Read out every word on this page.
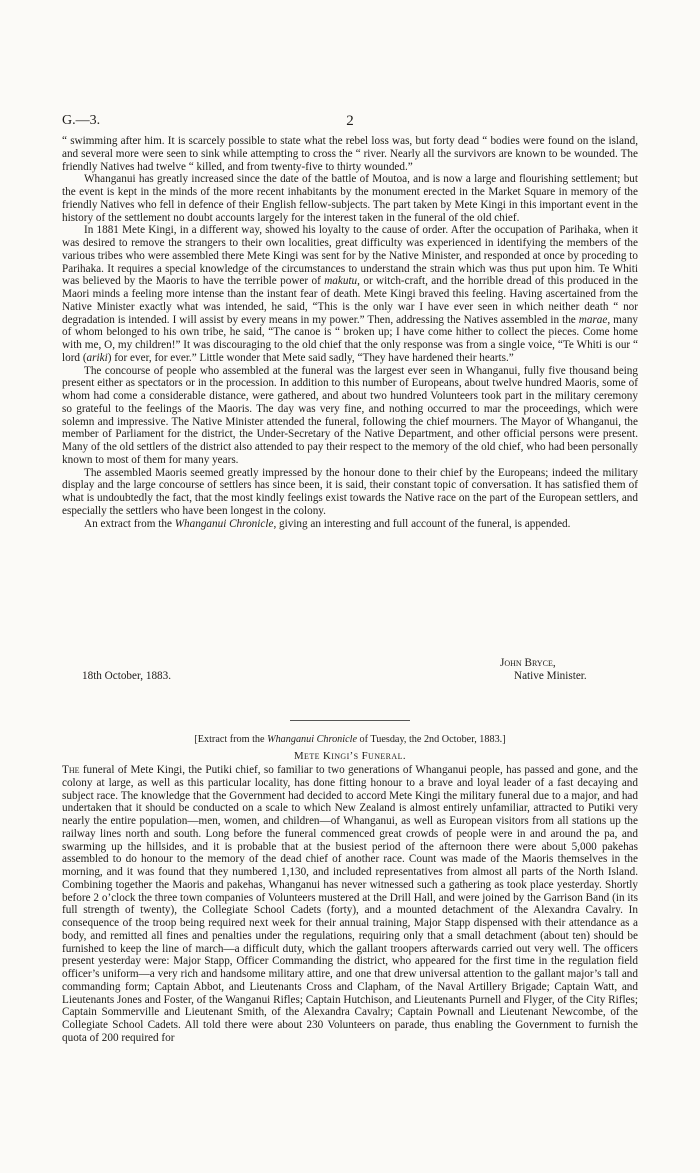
G.—3.	2

“ swimming after him. It is scarcely possible to state what the rebel loss was, but forty dead “ bodies were found on the island, and several more were seen to sink while attempting to cross the “ river. Nearly all the survivors are known to be wounded. The friendly Natives had twelve “ killed, and from twenty-five to thirty wounded.”

Whanganui has greatly increased since the date of the battle of Moutoa, and is now a large and flourishing settlement; but the event is kept in the minds of the more recent inhabitants by the monument erected in the Market Square in memory of the friendly Natives who fell in defence of their English fellow-subjects. The part taken by Mete Kingi in this important event in the history of the settlement no doubt accounts largely for the interest taken in the funeral of the old chief.

In 1881 Mete Kingi, in a different way, showed his loyalty to the cause of order. After the occupation of Parihaka, when it was desired to remove the strangers to their own localities, great difficulty was experienced in identifying the members of the various tribes who were assembled there Mete Kingi was sent for by the Native Minister, and responded at once by proceding to Parihaka. It requires a special knowledge of the circumstances to understand the strain which was thus put upon him. Te Whiti was believed by the Maoris to have the terrible power of makutu, or witch-craft, and the horrible dread of this produced in the Maori minds a feeling more intense than the instant fear of death. Mete Kingi braved this feeling. Having ascertained from the Native Minister exactly what was intended, he said, “This is the only war I have ever seen in which neither death “ nor degradation is intended. I will assist by every means in my power.” Then, addressing the Natives assembled in the marae, many of whom belonged to his own tribe, he said, “The canoe is “ broken up; I have come hither to collect the pieces. Come home with me, O, my children!” It was discouraging to the old chief that the only response was from a single voice, “Te Whiti is our “ lord (ariki) for ever, for ever.” Little wonder that Mete said sadly, “They have hardened their hearts.”

The concourse of people who assembled at the funeral was the largest ever seen in Whanganui, fully five thousand being present either as spectators or in the procession. In addition to this number of Europeans, about twelve hundred Maoris, some of whom had come a considerable distance, were gathered, and about two hundred Volunteers took part in the military ceremony so grateful to the feelings of the Maoris. The day was very fine, and nothing occurred to mar the proceedings, which were solemn and impressive. The Native Minister attended the funeral, following the chief mourners. The Mayor of Whanganui, the member of Parliament for the district, the Under-Secretary of the Native Department, and other official persons were present. Many of the old settlers of the district also attended to pay their respect to the memory of the old chief, who had been personally known to most of them for many years.

The assembled Maoris seemed greatly impressed by the honour done to their chief by the Europeans; indeed the military display and the large concourse of settlers has since been, it is said, their constant topic of conversation. It has satisfied them of what is undoubtedly the fact, that the most kindly feelings exist towards the Native race on the part of the European settlers, and especially the settlers who have been longest in the colony.

An extract from the Whanganui Chronicle, giving an interesting and full account of the funeral, is appended.

18th October, 1883.
John Bryce,
Native Minister.
[Extract from the Whanganui Chronicle of Tuesday, the 2nd October, 1883.]
Mete Kingi’s Funeral.

The funeral of Mete Kingi, the Putiki chief, so familiar to two generations of Whanganui people, has passed and gone, and the colony at large, as well as this particular locality, has done fitting honour to a brave and loyal leader of a fast decaying and subject race. The knowledge that the Government had decided to accord Mete Kingi the military funeral due to a major, and had undertaken that it should be conducted on a scale to which New Zealand is almost entirely unfamiliar, attracted to Putiki very nearly the entire population—men, women, and children—of Whanganui, as well as European visitors from all stations up the railway lines north and south. Long before the funeral commenced great crowds of people were in and around the pa, and swarming up the hillsides, and it is probable that at the busiest period of the afternoon there were about 5,000 pakehas assembled to do honour to the memory of the dead chief of another race. Count was made of the Maoris themselves in the morning, and it was found that they numbered 1,130, and included representatives from almost all parts of the North Island. Combining together the Maoris and pakehas, Whanganui has never witnessed such a gathering as took place yesterday. Shortly before 2 o’clock the three town companies of Volunteers mustered at the Drill Hall, and were joined by the Garrison Band (in its full strength of twenty), the Collegiate School Cadets (forty), and a mounted detachment of the Alexandra Cavalry. In consequence of the troop being required next week for their annual training, Major Stapp dispensed with their attendance as a body, and remitted all fines and penalties under the regulations, requiring only that a small detachment (about ten) should be furnished to keep the line of march—a difficult duty, which the gallant troopers afterwards carried out very well. The officers present yesterday were: Major Stapp, Officer Commanding the district, who appeared for the first time in the regulation field officer’s uniform—a very rich and handsome military attire, and one that drew universal attention to the gallant major’s tall and commanding form; Captain Abbot, and Lieutenants Cross and Clapham, of the Naval Artillery Brigade; Captain Watt, and Lieutenants Jones and Foster, of the Wanganui Rifles; Captain Hutchison, and Lieutenants Purnell and Flyger, of the City Rifles; Captain Sommerville and Lieutenant Smith, of the Alexandra Cavalry; Captain Pownall and Lieutenant Newcombe, of the Collegiate School Cadets. All told there were about 230 Volunteers on parade, thus enabling the Government to furnish the quota of 200 required for
